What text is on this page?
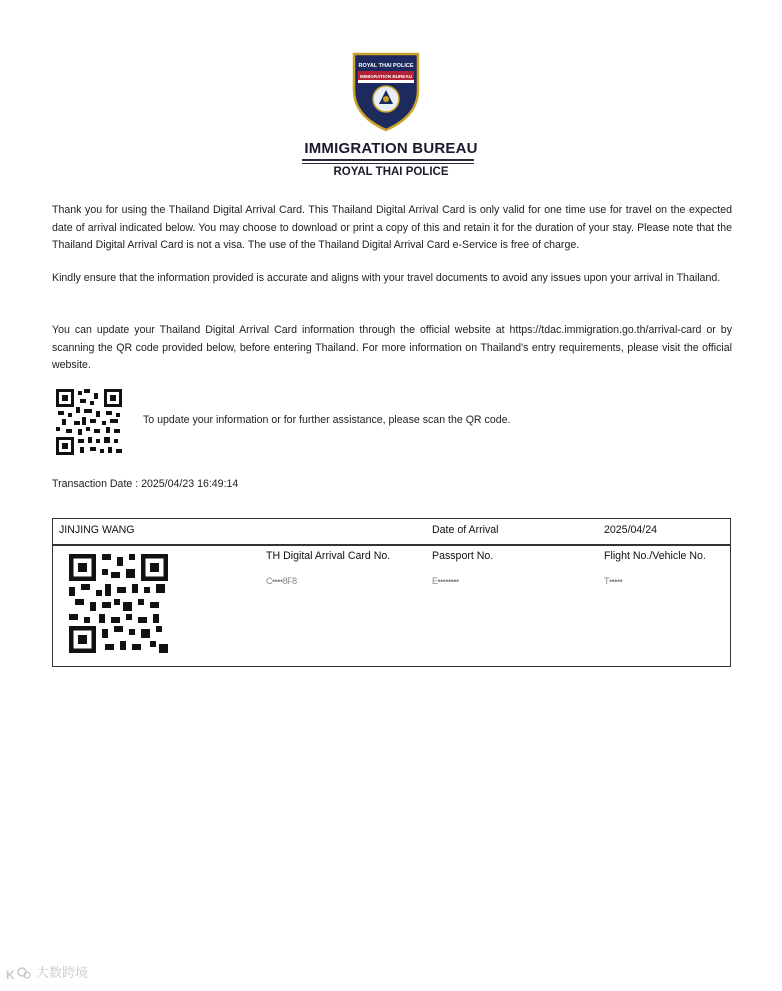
ROYAL THAI POLICE
IMMIGRATION BUREAU
IMMIGRATION BUREAU
ROYAL THAI POLICE
Thank you for using the Thailand Digital Arrival Card. This Thailand Digital Arrival Card is only valid for one time use for travel on the expected date of arrival indicated below. You may choose to download or print a copy of this and retain it for the duration of your stay. Please note that the Thailand Digital Arrival Card is not a visa. The use of the Thailand Digital Arrival Card e-Service is free of charge.
Kindly ensure that the information provided is accurate and aligns with your travel documents to avoid any issues upon your arrival in Thailand.
You can update your Thailand Digital Arrival Card information through the official website at https://tdac.immigration.go.th/arrival-card or by scanning the QR code provided below, before entering Thailand. For more information on Thailand's entry requirements, please visit the official website.
To update your information or for further assistance, please scan the QR code.
Transaction Date : 2025/04/23 16:49:14
JINJING WANG	Date of Arrival	2025/04/24
TH Digital Arrival Card No.
C••••8F8
Passport No.
E••••••••
Flight No./Vehicle No.
T•••••
K 大数跨境
